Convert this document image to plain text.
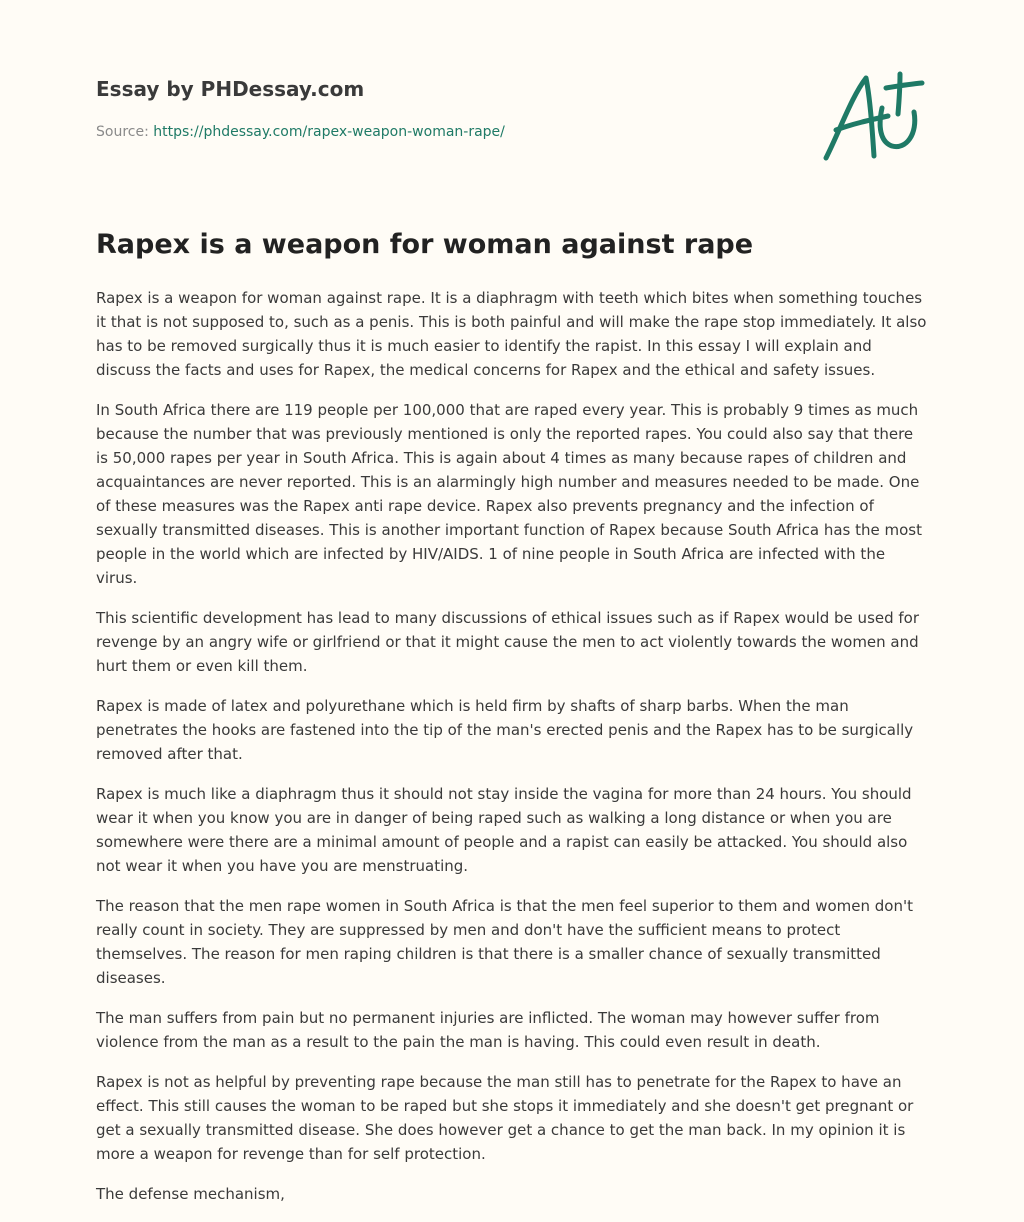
Essay by PHDessay.com
Source: https://phdessay.com/rapex-weapon-woman-rape/
Rapex is a weapon for woman against rape

Rapex is a weapon for woman against rape. It is a diaphragm with teeth which bites when something touches it that is not supposed to, such as a penis. This is both painful and will make the rape stop immediately. It also has to be removed surgically thus it is much easier to identify the rapist. In this essay I will explain and discuss the facts and uses for Rapex, the medical concerns for Rapex and the ethical and safety issues.

In South Africa there are 119 people per 100,000 that are raped every year. This is probably 9 times as much because the number that was previously mentioned is only the reported rapes. You could also say that there is 50,000 rapes per year in South Africa. This is again about 4 times as many because rapes of children and acquaintances are never reported. This is an alarmingly high number and measures needed to be made. One of these measures was the Rapex anti rape device. Rapex also prevents pregnancy and the infection of sexually transmitted diseases. This is another important function of Rapex because South Africa has the most people in the world which are infected by HIV/AIDS. 1 of nine people in South Africa are infected with the virus.

This scientific development has lead to many discussions of ethical issues such as if Rapex would be used for revenge by an angry wife or girlfriend or that it might cause the men to act violently towards the women and hurt them or even kill them.

Rapex is made of latex and polyurethane which is held firm by shafts of sharp barbs. When the man penetrates the hooks are fastened into the tip of the man's erected penis and the Rapex has to be surgically removed after that.

Rapex is much like a diaphragm thus it should not stay inside the vagina for more than 24 hours. You should wear it when you know you are in danger of being raped such as walking a long distance or when you are somewhere were there are a minimal amount of people and a rapist can easily be attacked. You should also not wear it when you have you are menstruating.

The reason that the men rape women in South Africa is that the men feel superior to them and women don't really count in society. They are suppressed by men and don't have the sufficient means to protect themselves. The reason for men raping children is that there is a smaller chance of sexually transmitted diseases.

The man suffers from pain but no permanent injuries are inflicted. The woman may however suffer from violence from the man as a result to the pain the man is having. This could even result in death.

Rapex is not as helpful by preventing rape because the man still has to penetrate for the Rapex to have an effect. This still causes the woman to be raped but she stops it immediately and she doesn't get pregnant or get a sexually transmitted disease. She does however get a chance to get the man back. In my opinion it is more a weapon for revenge than for self protection.

The defense mechanism,
